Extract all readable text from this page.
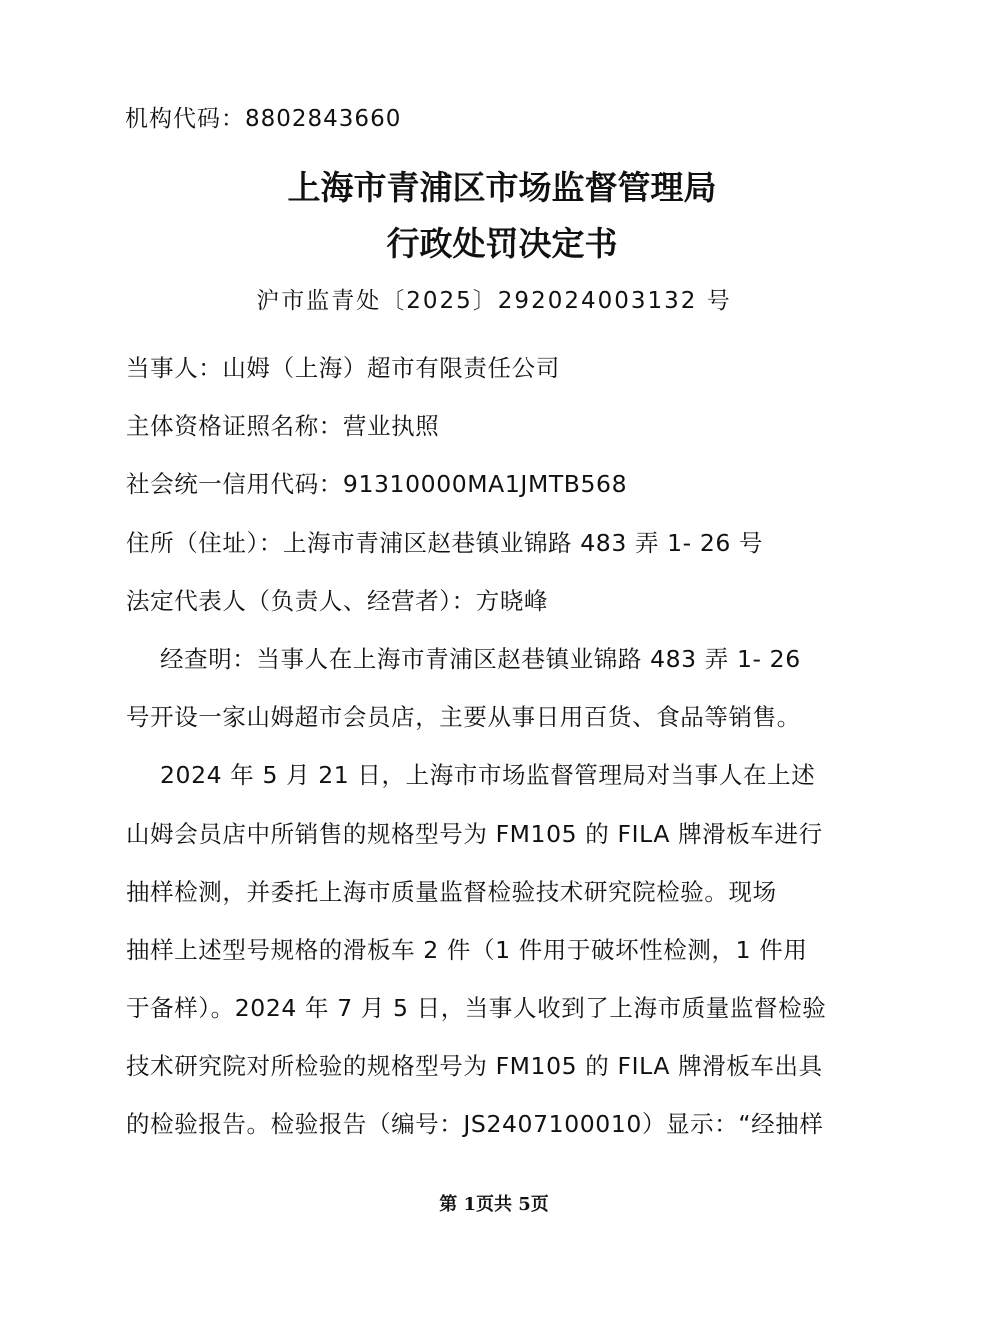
机构代码：8802843660
上海市青浦区市场监督管理局
行政处罚决定书
沪市监青处〔2025〕292024003132 号
当事人：山姆（上海）超市有限责任公司
主体资格证照名称：营业执照
社会统一信用代码：91310000MA1JMTB568
住所（住址）：上海市青浦区赵巷镇业锦路 483 弄 1- 26 号
法定代表人（负责人、经营者）：方晓峰
经查明：当事人在上海市青浦区赵巷镇业锦路 483 弄 1- 26
号开设一家山姆超市会员店，主要从事日用百货、食品等销售。
2024 年 5 月 21 日，上海市市场监督管理局对当事人在上述
山姆会员店中所销售的规格型号为 FM105 的 FILA 牌滑板车进行
抽样检测，并委托上海市质量监督检验技术研究院检验。现场
抽样上述型号规格的滑板车 2 件（1 件用于破坏性检测，1 件用
于备样）。2024 年 7 月 5 日，当事人收到了上海市质量监督检验
技术研究院对所检验的规格型号为 FM105 的 FILA 牌滑板车出具
的检验报告。检验报告（编号：JS2407100010）显示：“经抽样
第 1页共 5页
